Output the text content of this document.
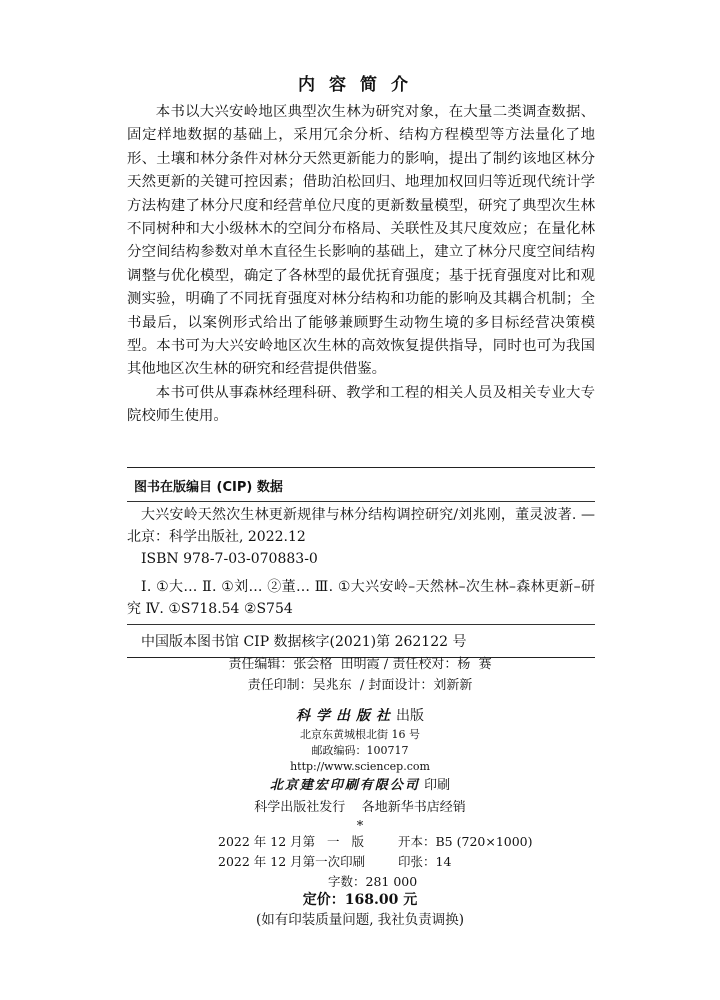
内容简介

本书以大兴安岭地区典型次生林为研究对象，在大量二类调查数据、固定样地数据的基础上，采用冗余分析、结构方程模型等方法量化了地形、土壤和林分条件对林分天然更新能力的影响，提出了制约该地区林分天然更新的关键可控因素；借助泊松回归、地理加权回归等近现代统计学方法构建了林分尺度和经营单位尺度的更新数量模型，研究了典型次生林不同树种和大小级林木的空间分布格局、关联性及其尺度效应；在量化林分空间结构参数对单木直径生长影响的基础上，建立了林分尺度空间结构调整与优化模型，确定了各林型的最优抚育强度；基于抚育强度对比和观测实验，明确了不同抚育强度对林分结构和功能的影响及其耦合机制；全书最后，以案例形式给出了能够兼顾野生动物生境的多目标经营决策模型。本书可为大兴安岭地区次生林的高效恢复提供指导，同时也可为我国其他地区次生林的研究和经营提供借鉴。

本书可供从事森林经理科研、教学和工程的相关人员及相关专业大专院校师生使用。

图书在版编目 (CIP) 数据

大兴安岭天然次生林更新规律与林分结构调控研究/刘兆刚，董灵波著. —北京：科学出版社, 2022.12

ISBN 978-7-03-070883-0

Ⅰ. ①大… Ⅱ. ①刘… ②董… Ⅲ. ①大兴安岭–天然林–次生林–森林更新–研究 Ⅳ. ①S718.54 ②S754

中国版本图书馆 CIP 数据核字(2021)第 262122 号
责任编辑：张会格  田明霞 / 责任校对：杨  赛
责任印制：吴兆东  / 封面设计：刘新新
科学出版社出版
北京东黄城根北街 16 号
邮政编码：100717
http://www.sciencep.com
北京建宏印刷有限公司 印刷
科学出版社发行    各地新华书店经销
*
2022 年 12 月第   一   版	开本：B5 (720×1000)
2022 年 12 月第一次印刷	印张：14
字数：281 000
定价：168.00 元
(如有印装质量问题, 我社负责调换)
